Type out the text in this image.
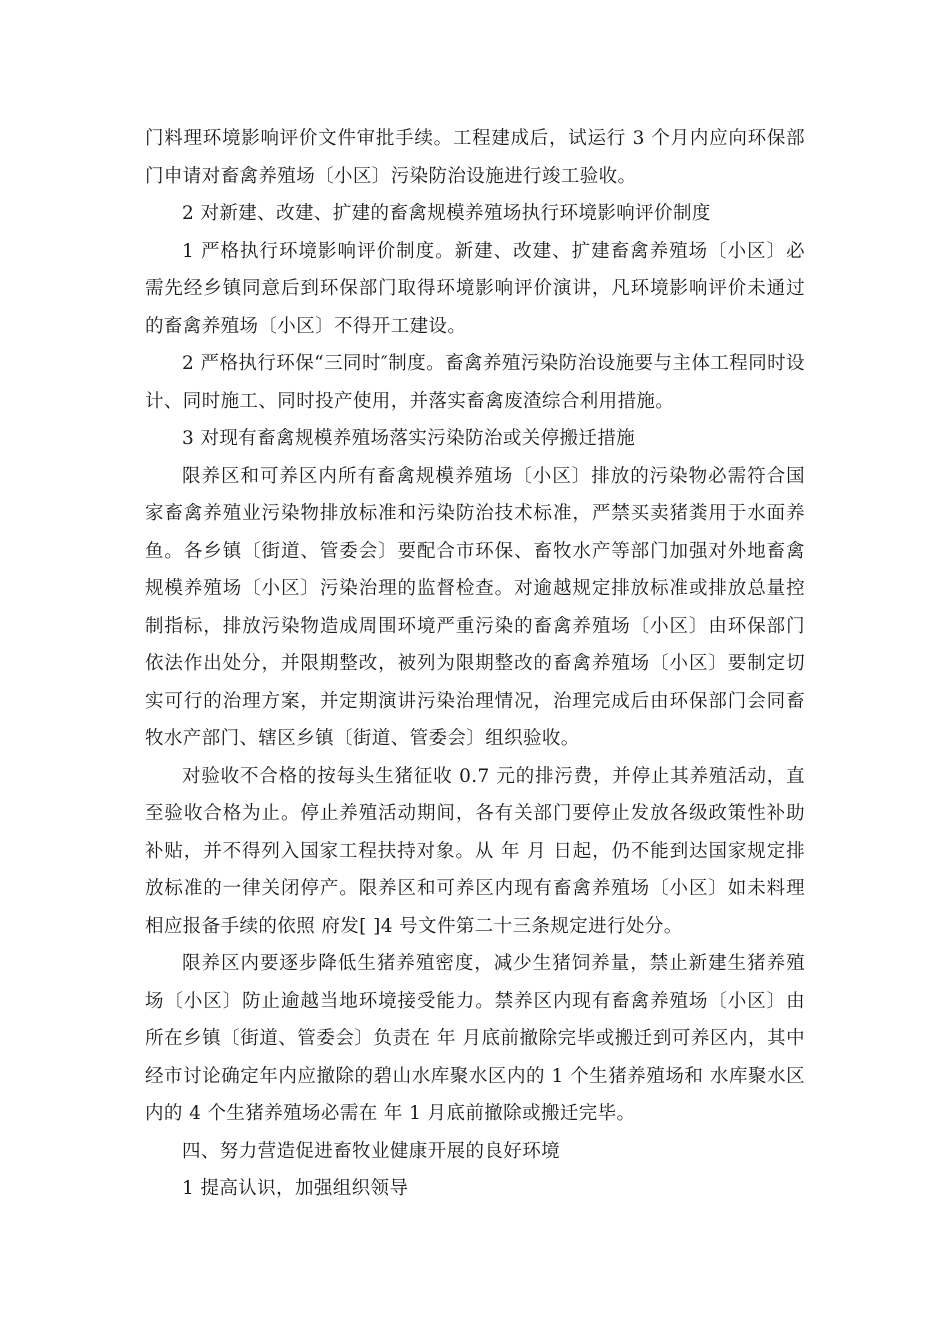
门料理环境影响评价文件审批手续。工程建成后，试运行 3 个月内应向环保部门申请对畜禽养殖场〔小区〕污染防治设施进行竣工验收。

2 对新建、改建、扩建的畜禽规模养殖场执行环境影响评价制度

1 严格执行环境影响评价制度。新建、改建、扩建畜禽养殖场〔小区〕必需先经乡镇同意后到环保部门取得环境影响评价演讲，凡环境影响评价未通过的畜禽养殖场〔小区〕不得开工建设。

2 严格执行环保“三同时″制度。畜禽养殖污染防治设施要与主体工程同时设计、同时施工、同时投产使用，并落实畜禽废渣综合利用措施。

3 对现有畜禽规模养殖场落实污染防治或关停搬迁措施

限养区和可养区内所有畜禽规模养殖场〔小区〕排放的污染物必需符合国家畜禽养殖业污染物排放标准和污染防治技术标准，严禁买卖猪粪用于水面养鱼。各乡镇〔街道、管委会〕要配合市环保、畜牧水产等部门加强对外地畜禽规模养殖场〔小区〕污染治理的监督检查。对逾越规定排放标准或排放总量控制指标，排放污染物造成周围环境严重污染的畜禽养殖场〔小区〕由环保部门依法作出处分，并限期整改，被列为限期整改的畜禽养殖场〔小区〕要制定切实可行的治理方案，并定期演讲污染治理情况，治理完成后由环保部门会同畜牧水产部门、辖区乡镇〔街道、管委会〕组织验收。

对验收不合格的按每头生猪征收 0.7 元的排污费，并停止其养殖活动，直至验收合格为止。停止养殖活动期间，各有关部门要停止发放各级政策性补助补贴，并不得列入国家工程扶持对象。从 年 月 日起，仍不能到达国家规定排放标准的一律关闭停产。限养区和可养区内现有畜禽养殖场〔小区〕如未料理相应报备手续的依照 府发[ ]4 号文件第二十三条规定进行处分。

限养区内要逐步降低生猪养殖密度，减少生猪饲养量，禁止新建生猪养殖场〔小区〕防止逾越当地环境接受能力。禁养区内现有畜禽养殖场〔小区〕由所在乡镇〔街道、管委会〕负责在 年 月底前撤除完毕或搬迁到可养区内，其中经市讨论确定年内应撤除的碧山水库聚水区内的 1 个生猪养殖场和 水库聚水区内的 4 个生猪养殖场必需在 年 1 月底前撤除或搬迁完毕。

四、努力营造促进畜牧业健康开展的良好环境

1 提高认识，加强组织领导
